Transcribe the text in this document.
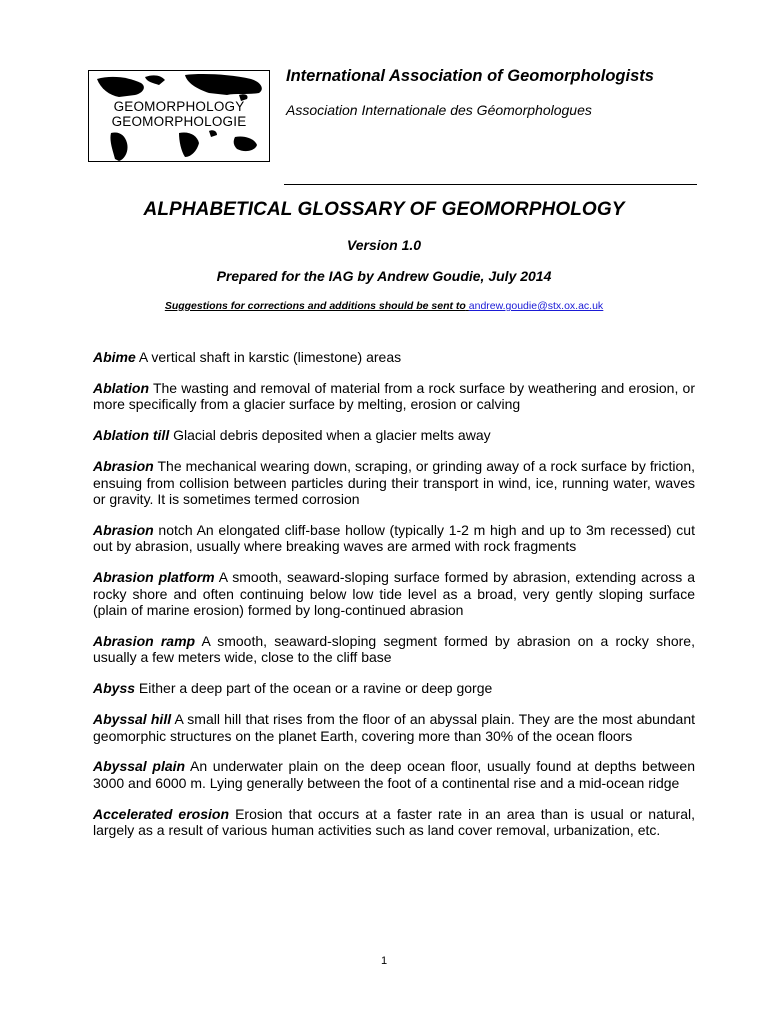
GEOMORPHOLOGY
GEOMORPHOLOGIE
International Association of Geomorphologists
Association Internationale des Géomorphologues
ALPHABETICAL GLOSSARY OF GEOMORPHOLOGY
Version 1.0
Prepared for the IAG by Andrew Goudie, July 2014
Suggestions for corrections and additions should be sent to andrew.goudie@stx.ox.ac.uk
Abime A vertical shaft in karstic (limestone) areas
Ablation The wasting and removal of material from a rock surface by weathering and erosion, or more specifically from a glacier surface by melting, erosion or calving
Ablation till Glacial debris deposited when a glacier melts away
Abrasion The mechanical wearing down, scraping, or grinding away of a rock surface by friction, ensuing from collision between particles during their transport in wind, ice, running water, waves or gravity. It is sometimes termed corrosion
Abrasion notch An elongated cliff-base hollow (typically 1-2 m high and up to 3m recessed) cut out by abrasion, usually where breaking waves are armed with rock fragments
Abrasion platform A smooth, seaward-sloping surface formed by abrasion, extending across a rocky shore and often continuing below low tide level as a broad, very gently sloping surface (plain of marine erosion) formed by long-continued abrasion
Abrasion ramp A smooth, seaward-sloping segment formed by abrasion on a rocky shore, usually a few meters wide, close to the cliff base
Abyss Either a deep part of the ocean or a ravine or deep gorge
Abyssal hill A small hill that rises from the floor of an abyssal plain. They are the most abundant geomorphic structures on the planet Earth, covering more than 30% of the ocean floors
Abyssal plain An underwater plain on the deep ocean floor, usually found at depths between 3000 and 6000 m. Lying generally between the foot of a continental rise and a mid-ocean ridge
Accelerated erosion Erosion that occurs at a faster rate in an area than is usual or natural, largely as a result of various human activities such as land cover removal, urbanization, etc.
1
